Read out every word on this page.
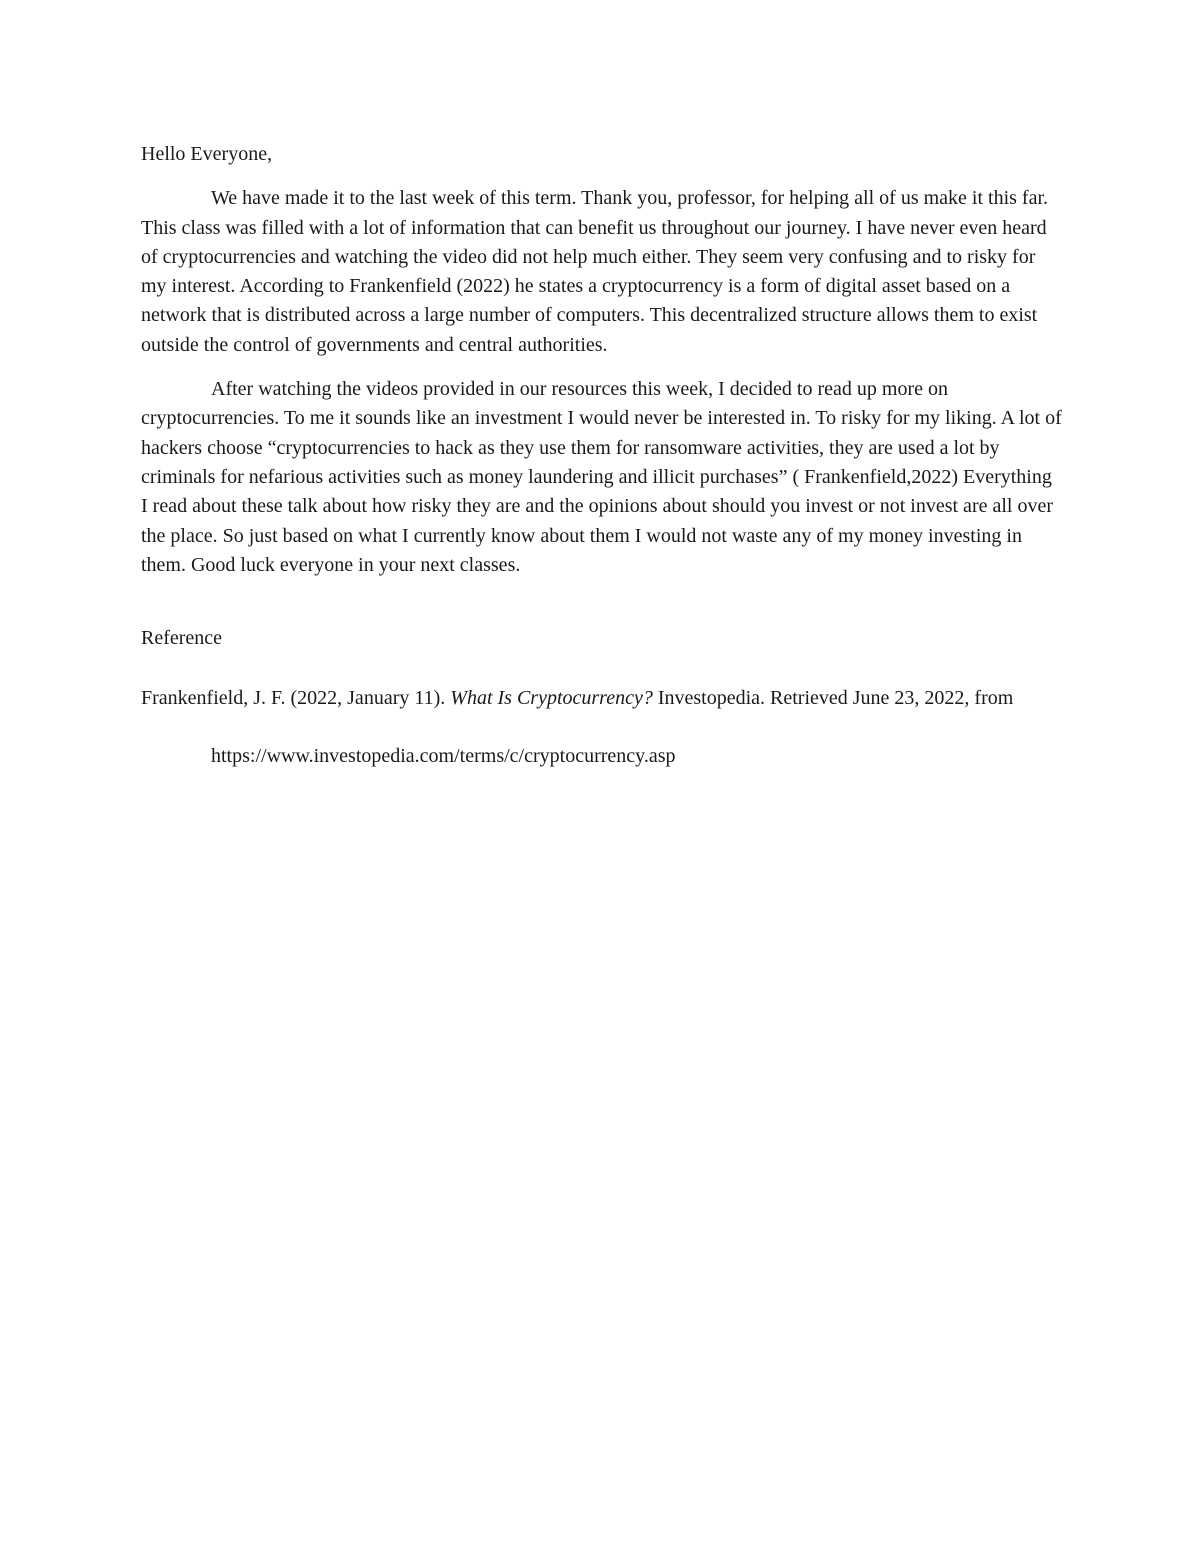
Hello Everyone,

We have made it to the last week of this term. Thank you, professor, for helping all of us make it this far. This class was filled with a lot of information that can benefit us throughout our journey. I have never even heard of cryptocurrencies and watching the video did not help much either. They seem very confusing and to risky for my interest. According to Frankenfield (2022) he states a cryptocurrency is a form of digital asset based on a network that is distributed across a large number of computers. This decentralized structure allows them to exist outside the control of governments and central authorities.

After watching the videos provided in our resources this week, I decided to read up more on cryptocurrencies. To me it sounds like an investment I would never be interested in. To risky for my liking. A lot of hackers choose “cryptocurrencies to hack as they use them for ransomware activities, they are used a lot by criminals for nefarious activities such as money laundering and illicit purchases” ( Frankenfield,2022) Everything I read about these talk about how risky they are and the opinions about should you invest or not invest are all over the place. So just based on what I currently know about them I would not waste any of my money investing in them. Good luck everyone in your next classes.

Reference

Frankenfield, J. F. (2022, January 11). What Is Cryptocurrency? Investopedia. Retrieved June 23, 2022, from https://www.investopedia.com/terms/c/cryptocurrency.asp
